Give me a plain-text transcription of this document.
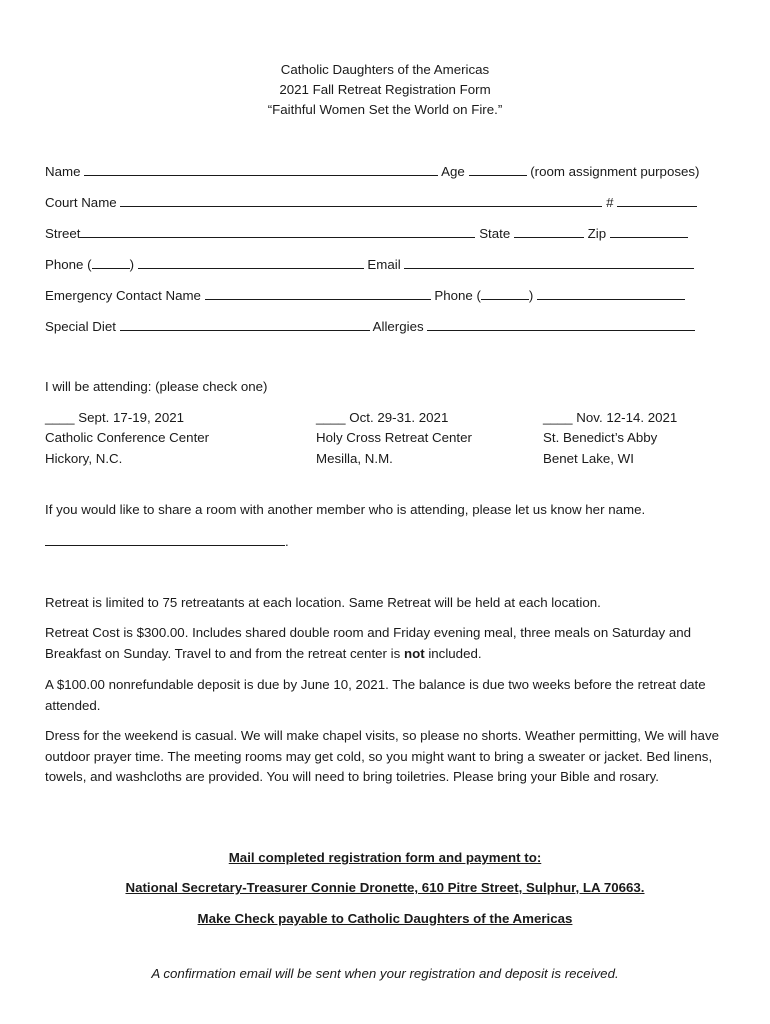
Catholic Daughters of the Americas
2021 Fall Retreat Registration Form
“Faithful Women Set the World on Fire.”
Name	Age	(room assignment purposes)
Court Name	#
Street	State	Zip
Phone (	)	Email
Emergency Contact Name	Phone (	)
Special Diet	Allergies
I will be attending: (please check one)
____ Sept. 17-19, 2021
Catholic Conference Center
Hickory, N.C.
____ Oct. 29-31. 2021
Holy Cross Retreat Center
Mesilla, N.M.
____ Nov. 12-14. 2021
St. Benedict’s Abby
Benet Lake, WI
If you would like to share a room with another member who is attending, please let us know her name.
.
Retreat is limited to 75 retreatants at each location. Same Retreat will be held at each location.
Retreat Cost is $300.00. Includes shared double room and Friday evening meal, three meals on Saturday and Breakfast on Sunday. Travel to and from the retreat center is not included.
A $100.00 nonrefundable deposit is due by June 10, 2021. The balance is due two weeks before the retreat date attended.
Dress for the weekend is casual. We will make chapel visits, so please no shorts. Weather permitting, We will have outdoor prayer time. The meeting rooms may get cold, so you might want to bring a sweater or jacket. Bed linens, towels, and washcloths are provided. You will need to bring toiletries. Please bring your Bible and rosary.
Mail completed registration form and payment to:
National Secretary-Treasurer Connie Dronette, 610 Pitre Street, Sulphur, LA 70663.
Make Check payable to Catholic Daughters of the Americas
A confirmation email will be sent when your registration and deposit is received.
